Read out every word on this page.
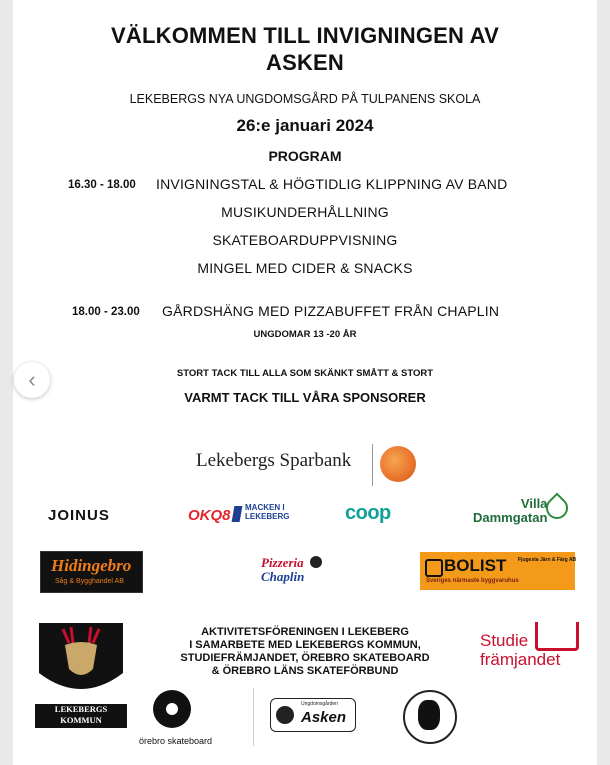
VÄLKOMMEN TILL INVIGNINGEN AV
ASKEN
LEKEBERGS NYA UNGDOMSGÅRD PÅ TULPANENS SKOLA
26:e januari 2024
PROGRAM
16.30 - 18.00 INVIGNINGSTAL & HÖGTIDLIG KLIPPNING AV BAND
MUSIKUNDERHÅLLNING
SKATEBOARDUPPVISNING
MINGEL MED CIDER & SNACKS
18.00 - 23.00 GÅRDSHÄNG MED PIZZABUFFET FRÅN CHAPLIN
UNGDOMAR 13 -20 ÅR
STORT TACK TILL ALLA SOM SKÄNKT SMÅTT & STORT
VARMT TACK TILL VÅRA SPONSORER
Lekebergs Sparbank
JOINUS	OKQ8 MACKEN I
LEKEBERG	coop	Villa
Dammgatan
Hidingebro
Såg & Bygghandel AB
Pizzeria
Chaplin
BOLIST
Sveriges närmaste byggvaruhus
Fjugesta Järn & Färg AB
LEKEBERGS
KOMMUN
AKTIVITETSFÖRENINGEN I LEKEBERG
I SAMARBETE MED LEKEBERGS KOMMUN,
STUDIEFRÄMJANDET, ÖREBRO SKATEBOARD
& ÖREBRO LÄNS SKATEFÖRBUND
Studie
främjandet
örebro skateboard
Ungdomsgården
Asken
‹
